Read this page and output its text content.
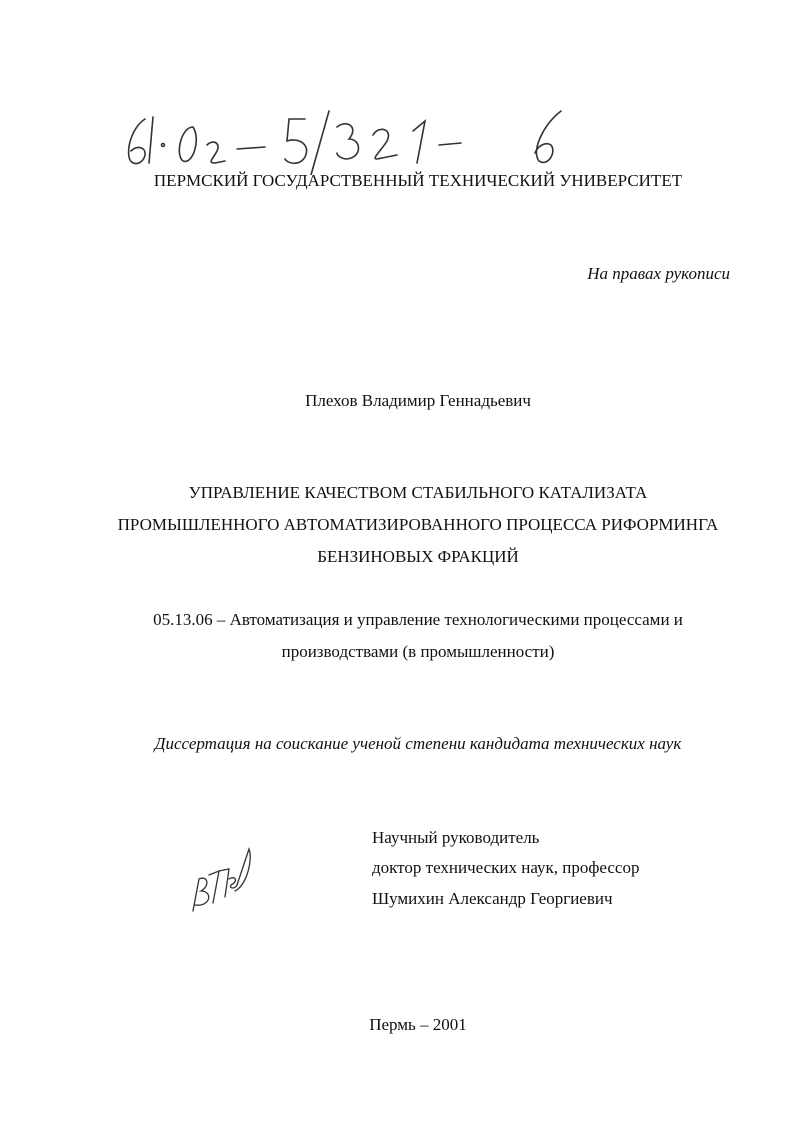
ПЕРМСКИЙ ГОСУДАРСТВЕННЫЙ ТЕХНИЧЕСКИЙ УНИВЕРСИТЕТ
На правах рукописи
Плехов Владимир Геннадьевич
УПРАВЛЕНИЕ КАЧЕСТВОМ СТАБИЛЬНОГО КАТАЛИЗАТА
ПРОМЫШЛЕННОГО АВТОМАТИЗИРОВАННОГО ПРОЦЕССА РИФОРМИНГА
БЕНЗИНОВЫХ ФРАКЦИЙ
05.13.06 – Автоматизация и управление технологическими процессами и
производствами (в промышленности)
Диссертация на соискание ученой степени кандидата технических наук
Научный руководитель
доктор технических наук, профессор
Шумихин Александр Георгиевич
Пермь – 2001
